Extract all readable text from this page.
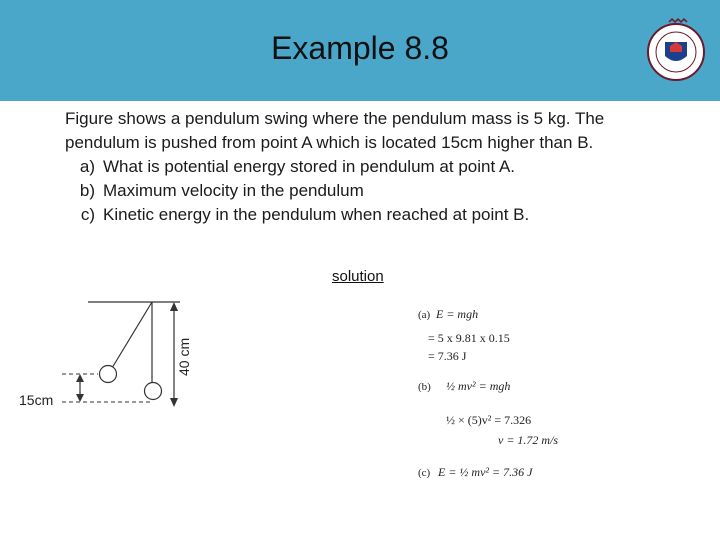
Example 8.8

Figure shows a pendulum swing where the pendulum mass is 5 kg. The

pendulum is pushed from point A which is located 15cm higher than B.

a) What is potential energy stored in pendulum at point A.
b) Maximum velocity in the pendulum
c) Kinetic energy in the pendulum when reached at point B.
solution
40 cm
15cm
(a) E = mgh
= 5 x 9.81 x 0.15
= 7.36 J
(b) ½ mv² = mgh
½ × (5)v² = 7.326
v = 1.72 m/s
(c) E = ½ mv² = 7.36 J
